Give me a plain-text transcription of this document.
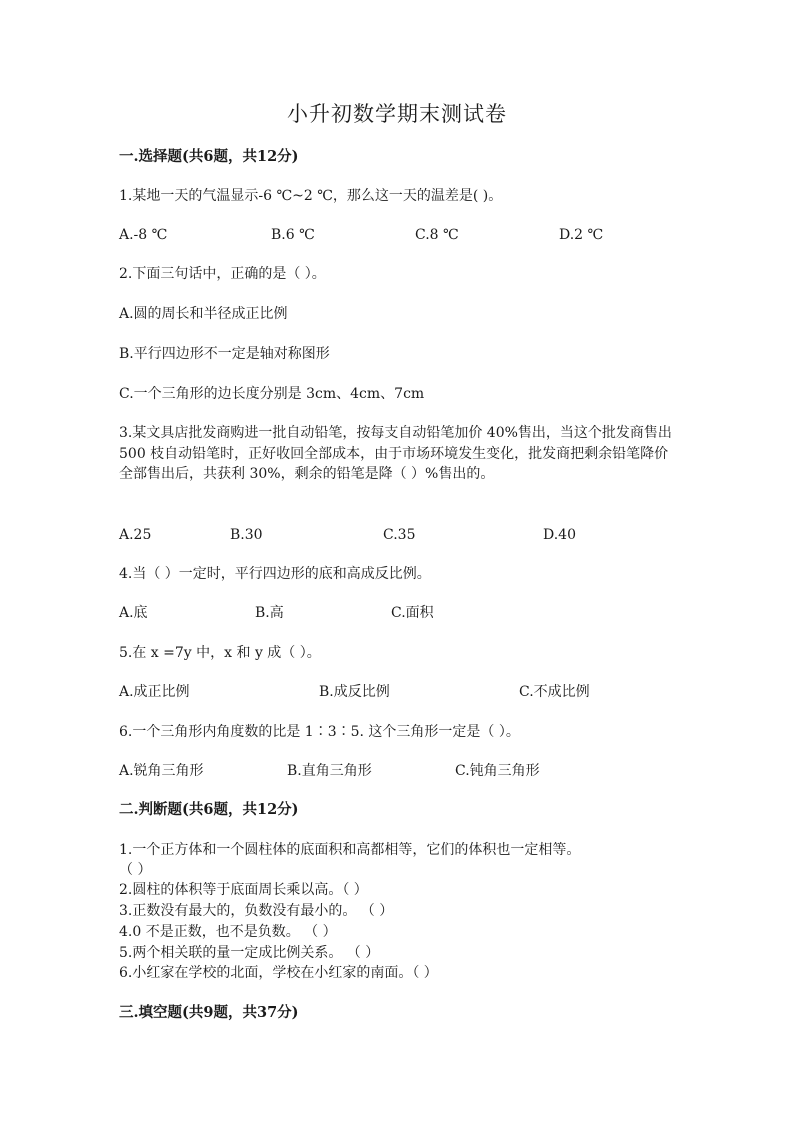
小升初数学期末测试卷
一.选择题(共6题，共12分)
1.某地一天的气温显示-6 ℃~2 ℃，那么这一天的温差是( )。
A.-8 ℃	B.6 ℃	C.8 ℃	D.2 ℃
2.下面三句话中，正确的是（ ）。
A.圆的周长和半径成正比例
B.平行四边形不一定是轴对称图形
C.一个三角形的边长度分别是 3cm、4cm、7cm
3.某文具店批发商购进一批自动铅笔，按每支自动铅笔加价 40%售出，当这个批发商售出 500 枝自动铅笔时，正好收回全部成本，由于市场环境发生变化，批发商把剩余铅笔降价全部售出后，共获利 30%，剩余的铅笔是降（ ）%售出的。
A.25	B.30	C.35	D.40
4.当（ ）一定时，平行四边形的底和高成反比例。
A.底	B.高	C.面积
5.在 x =7y 中，x 和 y 成（ ）。
A.成正比例	B.成反比例	C.不成比例
6.一个三角形内角度数的比是 1∶3∶5. 这个三角形一定是（ ）。
A.锐角三角形	B.直角三角形	C.钝角三角形
二.判断题(共6题，共12分)
1.一个正方体和一个圆柱体的底面积和高都相等，它们的体积也一定相等。
（ ）
2.圆柱的体积等于底面周长乘以高。（ ）
3.正数没有最大的，负数没有最小的。 （ ）
4.0 不是正数，也不是负数。 （ ）
5.两个相关联的量一定成比例关系。 （ ）
6.小红家在学校的北面，学校在小红家的南面。（ ）
三.填空题(共9题，共37分)
